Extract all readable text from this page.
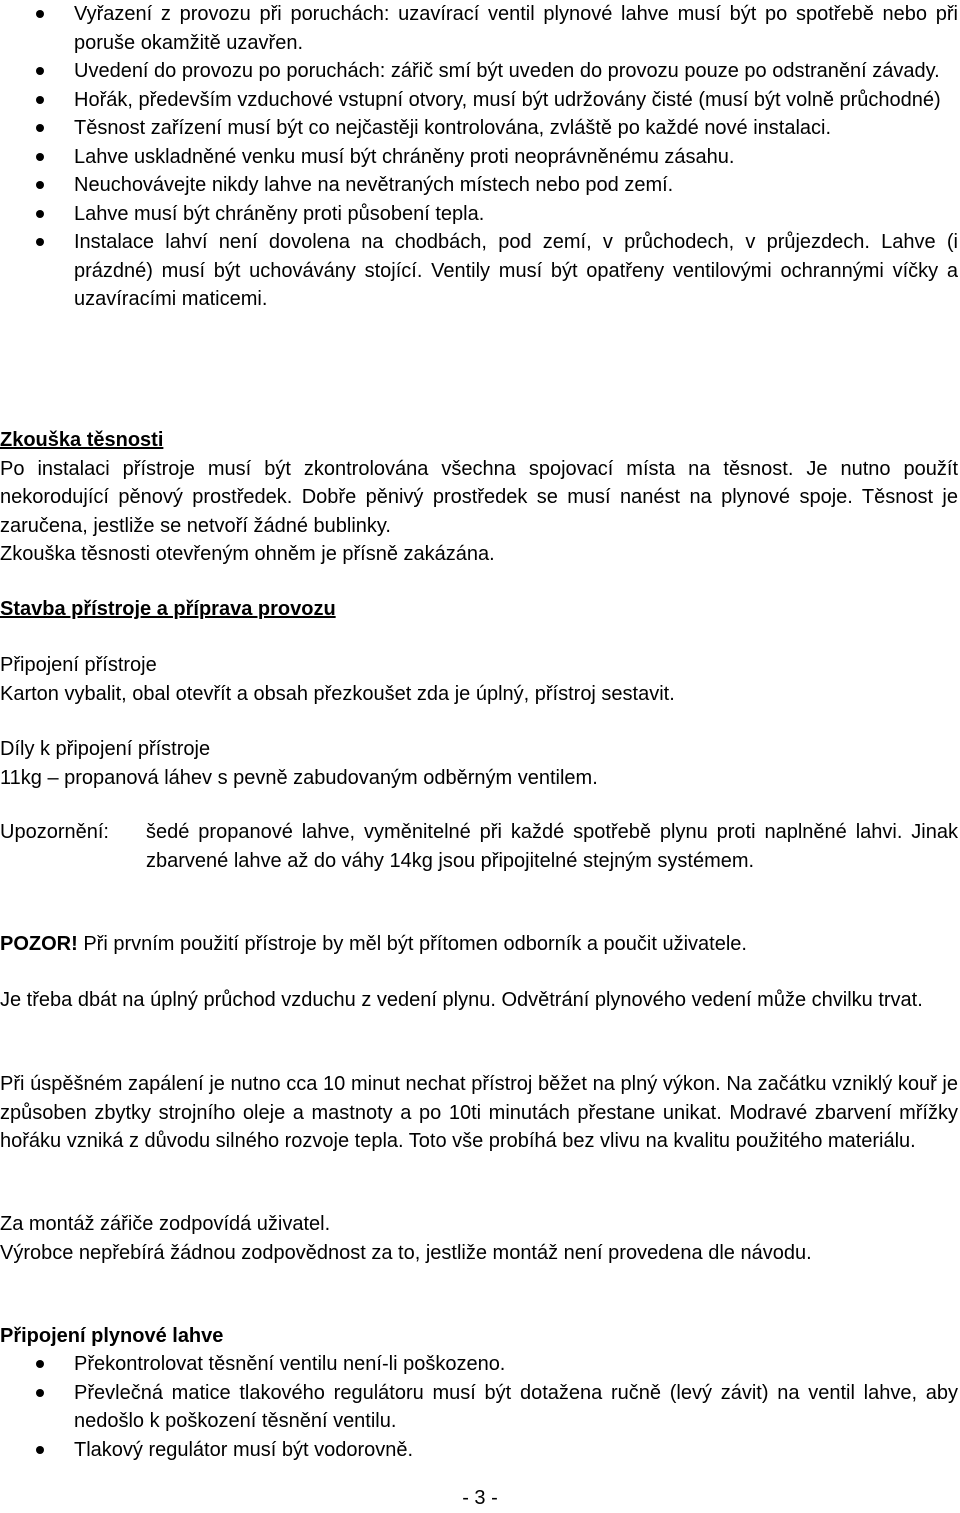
Vyřazení z provozu při poruchách: uzavírací ventil plynové lahve musí být po spotřebě nebo při poruše okamžitě uzavřen.
Uvedení do provozu po poruchách: zářič smí být uveden do provozu pouze po odstranění závady.
Hořák, především vzduchové vstupní otvory, musí být udržovány čisté (musí být volně průchodné)
Těsnost zařízení musí být co nejčastěji kontrolována, zvláště po každé nové instalaci.
Lahve uskladněné venku musí být chráněny proti neoprávněnému zásahu.
Neuchovávejte nikdy lahve na nevětraných místech nebo pod zemí.
Lahve musí být chráněny proti působení tepla.
Instalace lahví není dovolena na chodbách, pod zemí, v průchodech, v průjezdech. Lahve (i prázdné) musí být uchovávány stojící. Ventily musí být opatřeny ventilovými ochrannými víčky a uzavíracími maticemi.
Zkouška těsnosti
Po instalaci přístroje musí být zkontrolována všechna spojovací místa na těsnost. Je nutno použít nekorodující pěnový prostředek. Dobře pěnivý prostředek se musí nanést na plynové spoje. Těsnost je zaručena, jestliže se netvoří žádné bublinky.
Zkouška těsnosti otevřeným ohněm je přísně zakázána.
Stavba přístroje a příprava provozu
Připojení přístroje
Karton vybalit, obal otevřít a obsah přezkoušet zda je úplný, přístroj sestavit.
Díly k připojení přístroje
11kg – propanová láhev s pevně zabudovaným odběrným ventilem.
Upozornění:	šedé propanové lahve, vyměnitelné při každé spotřebě plynu proti naplněné lahvi. Jinak zbarvené lahve až do váhy 14kg jsou připojitelné stejným systémem.
POZOR! Při prvním použití přístroje by měl být přítomen odborník a poučit uživatele.
Je třeba dbát na úplný průchod vzduchu z vedení plynu. Odvětrání plynového vedení může chvilku trvat.
Při úspěšném zapálení je nutno cca 10 minut nechat přístroj běžet na plný výkon. Na začátku vzniklý kouř je způsoben zbytky strojního oleje a mastnoty a po 10ti minutách přestane unikat. Modravé zbarvení mřížky hořáku vzniká z důvodu silného rozvoje tepla. Toto vše probíhá bez vlivu na kvalitu použitého materiálu.
Za montáž zářiče zodpovídá uživatel.
Výrobce nepřebírá žádnou zodpovědnost za to, jestliže montáž není provedena dle návodu.
Připojení plynové lahve
Překontrolovat těsnění ventilu není-li poškozeno.
Převlečná matice tlakového regulátoru musí být dotažena ručně (levý závit) na ventil lahve, aby nedošlo k poškození těsnění ventilu.
Tlakový regulátor musí být vodorovně.
- 3 -
